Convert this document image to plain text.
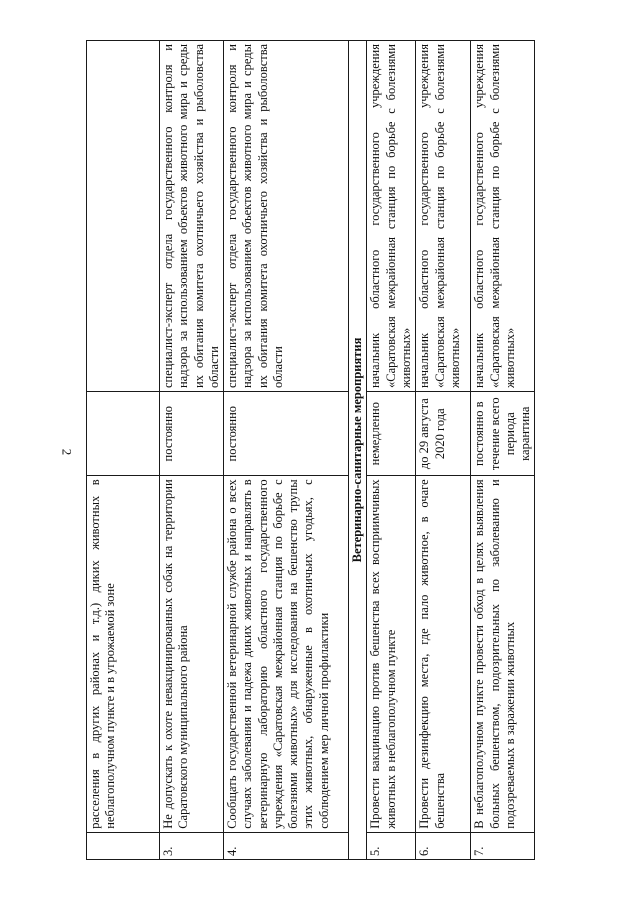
2
	расселения в других районах и т.д.) диких животных в неблагополучном пункте и в угрожаемой зоне		
3.	Не допускать к охоте невакцинированных собак на территории Саратовского муниципального района	постоянно	специалист-эксперт отдела государственного контроля и надзора за использованием объектов животного мира и среды их обитания комитета охотничьего хозяйства и рыболовства области
4.	Сообщать государственной ветеринарной службе района о всех случаях заболевания и падежа диких животных и направлять в ветеринарную лабораторию областного государственного учреждения «Саратовская межрайонная станция по борьбе с болезнями животных» для исследования на бешенство трупы этих животных, обнаруженные в охотничьих угодьях, с соблюдением мер личной профилактики	постоянно	специалист-эксперт отдела государственного контроля и надзора за использованием объектов животного мира и среды их обитания комитета охотничьего хозяйства и рыболовства области
Ветеринарно-санитарные мероприятия			
5.	Провести вакцинацию против бешенства всех восприимчивых животных в неблагополучном пункте	немедленно	начальник областного государственного учреждения «Саратовская межрайонная станция по борьбе с болезнями животных»
6.	Провести дезинфекцию места, где пало животное, в очаге бешенства	до 29 августа 2020 года	начальник областного государственного учреждения «Саратовская межрайонная станция по борьбе с болезнями животных»
7.	В неблагополучном пункте провести обход в целях выявления больных бешенством, подозрительных по заболеванию и подозреваемых в заражении животных	постоянно в течение всего периода карантина	начальник областного государственного учреждения «Саратовская межрайонная станция по борьбе с болезнями животных»
